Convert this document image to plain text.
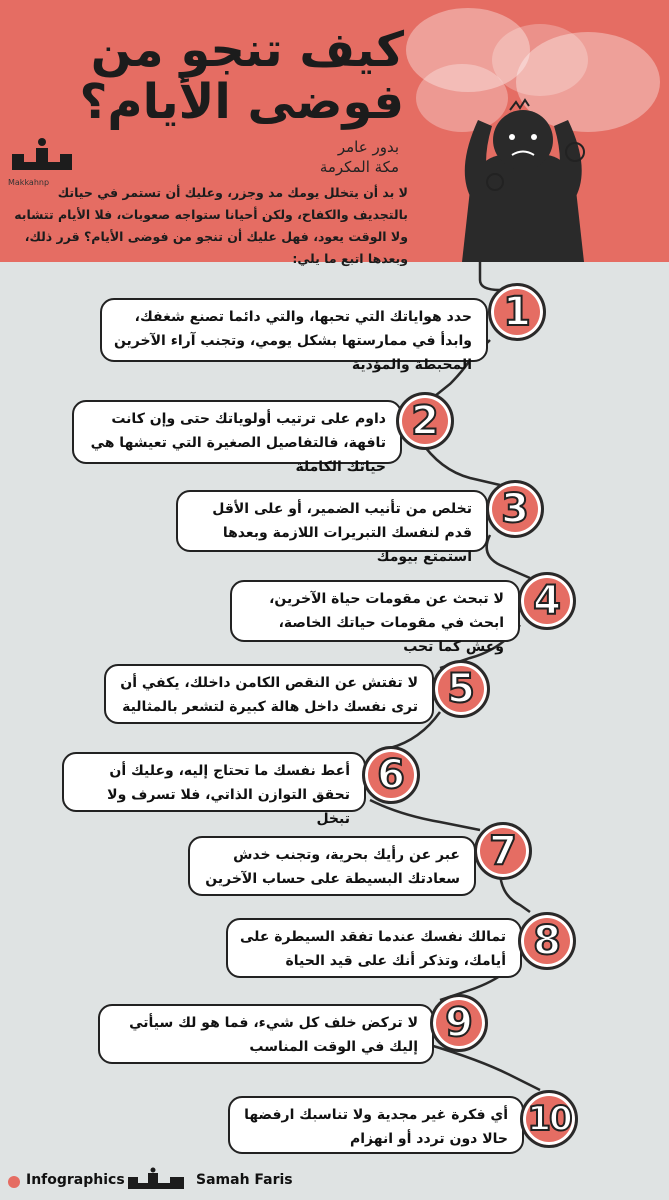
كيف تنجو من
فوضى الأيام؟
Makkahnp
بدور عامر
مكة المكرمة
لا بد أن يتخلل يومك مد وجزر، وعليك أن تستمر في حياتك بالتجديف والكفاح، ولكن أحيانا ستواجه صعوبات، فلا الأيام تتشابه ولا الوقت يعود، فهل عليك أن تنجو من فوضى الأيام؟ قرر ذلك، وبعدها اتبع ما يلي:
حدد هواياتك التي تحبها، والتي دائما تصنع شغفك، وابدأ في ممارستها بشكل يومي، وتجنب آراء الآخرين المحبطة والمؤذية
1
داوم على ترتيب أولوياتك حتى وإن كانت تافهة، فالتفاصيل الصغيرة التي تعيشها هي حياتك الكاملة
2
تخلص من تأنيب الضمير، أو على الأقل قدم لنفسك التبريرات اللازمة وبعدها استمتع بيومك
3
لا تبحث عن مقومات حياة الآخرين، ابحث في مقومات حياتك الخاصة، وعش كما تحب
4
لا تفتش عن النقص الكامن داخلك، يكفي أن ترى نفسك داخل هالة كبيرة لتشعر بالمثالية 5
أعط نفسك ما تحتاج إليه، وعليك أن تحقق التوازن الذاتي، فلا تسرف ولا تبخل
6
عبر عن رأيك بحرية، وتجنب خدش سعادتك البسيطة على حساب الآخرين
7
تمالك نفسك عندما تفقد السيطرة على أيامك، وتذكر أنك على قيد الحياة 8
لا تركض خلف كل شيء، فما هو لك سيأتي إليك في الوقت المناسب
9
أي فكرة غير مجدية ولا تناسبك ارفضها حالا دون تردد أو انهزام 10
Infographics	Samah Faris
